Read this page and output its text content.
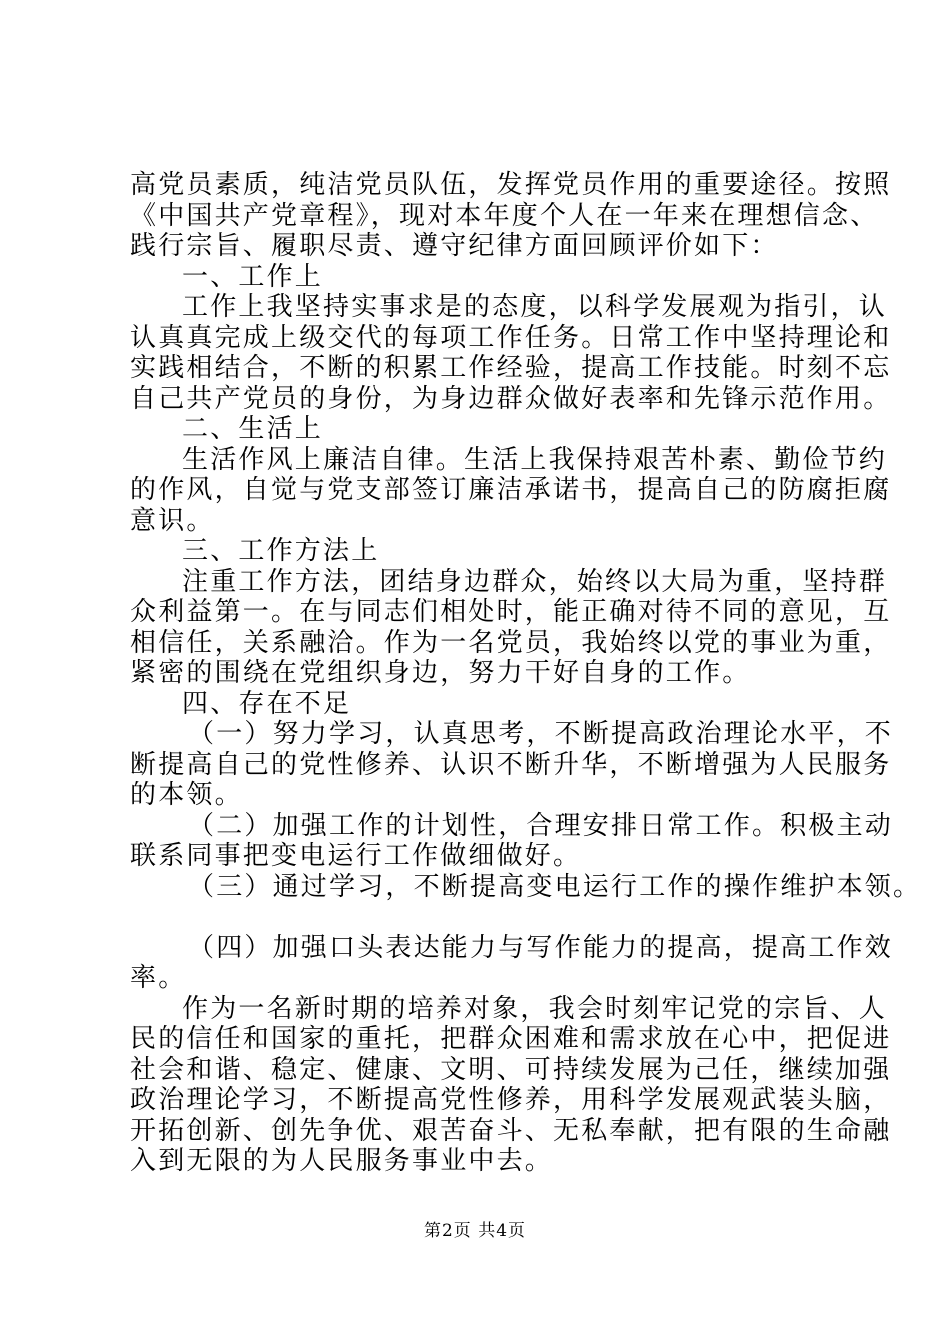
高党员素质，纯洁党员队伍，发挥党员作用的重要途径。按照
《中国共产党章程》，现对本年度个人在一年来在理想信念、
践行宗旨、履职尽责、遵守纪律方面回顾评价如下：
一、工作上
工作上我坚持实事求是的态度，以科学发展观为指引，认
认真真完成上级交代的每项工作任务。日常工作中坚持理论和
实践相结合，不断的积累工作经验，提高工作技能。时刻不忘
自己共产党员的身份，为身边群众做好表率和先锋示范作用。
二、生活上
生活作风上廉洁自律。生活上我保持艰苦朴素、勤俭节约
的作风，自觉与党支部签订廉洁承诺书，提高自己的防腐拒腐
意识。
三、工作方法上
注重工作方法，团结身边群众，始终以大局为重，坚持群
众利益第一。在与同志们相处时，能正确对待不同的意见，互
相信任，关系融洽。作为一名党员，我始终以党的事业为重，
紧密的围绕在党组织身边，努力干好自身的工作。
四、存在不足
（一）努力学习，认真思考，不断提高政治理论水平，不
断提高自己的党性修养、认识不断升华，不断增强为人民服务
的本领。
（二）加强工作的计划性，合理安排日常工作。积极主动
联系同事把变电运行工作做细做好。
（三）通过学习，不断提高变电运行工作的操作维护本领。
（四）加强口头表达能力与写作能力的提高，提高工作效
率。
作为一名新时期的培养对象，我会时刻牢记党的宗旨、人
民的信任和国家的重托，把群众困难和需求放在心中，把促进
社会和谐、稳定、健康、文明、可持续发展为己任，继续加强
政治理论学习，不断提高党性修养，用科学发展观武装头脑，
开拓创新、创先争优、艰苦奋斗、无私奉献，把有限的生命融
入到无限的为人民服务事业中去。
第2页 共4页
